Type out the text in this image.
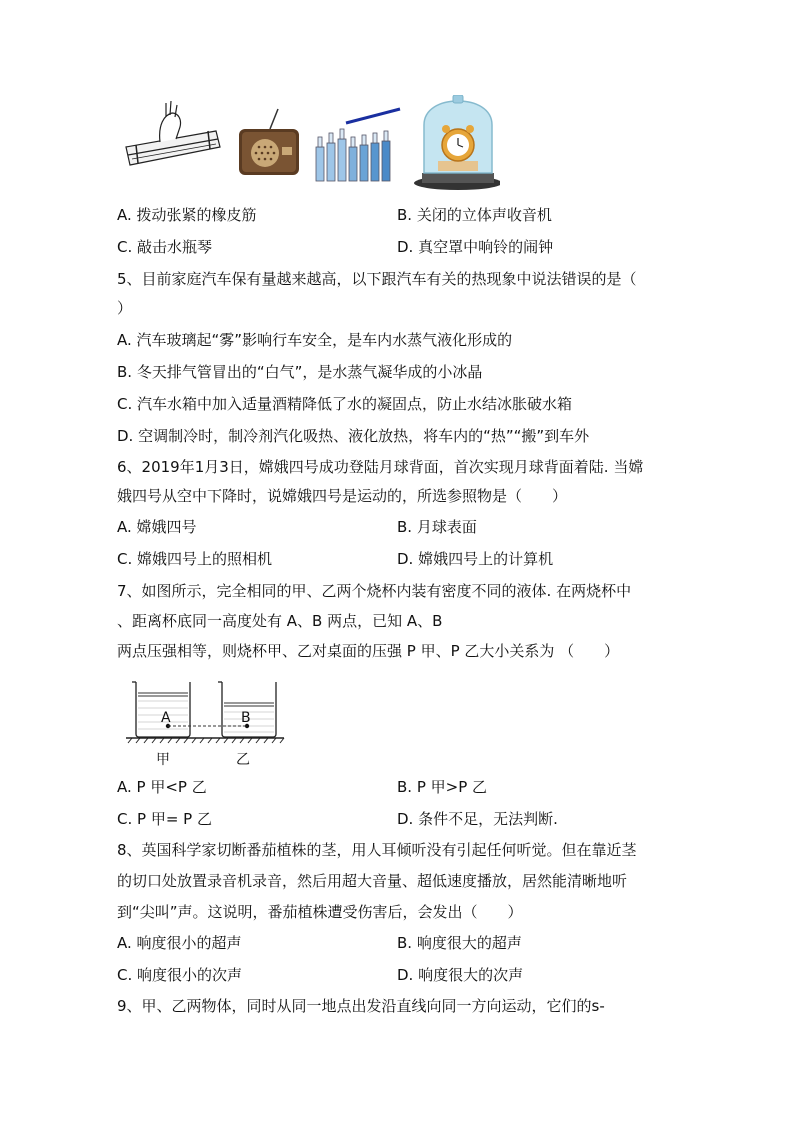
A. 拨动张紧的橡皮筋	B. 关闭的立体声收音机
C. 敲击水瓶琴	D. 真空罩中响铃的闹钟
5、目前家庭汽车保有量越来越高，以下跟汽车有关的热现象中说法错误的是（
）
A. 汽车玻璃起“雾”影响行车安全，是车内水蒸气液化形成的
B. 冬天排气管冒出的“白气”，是水蒸气凝华成的小冰晶
C. 汽车水箱中加入适量酒精降低了水的凝固点，防止水结冰胀破水箱
D. 空调制冷时，制冷剂汽化吸热、液化放热，将车内的“热”“搬”到车外
6、2019年1月3日，嫦娥四号成功登陆月球背面，首次实现月球背面着陆. 当嫦
娥四号从空中下降时，说嫦娥四号是运动的，所选参照物是（　　）
A. 嫦娥四号	B. 月球表面
C. 嫦娥四号上的照相机	D. 嫦娥四号上的计算机
7、如图所示，完全相同的甲、乙两个烧杯内装有密度不同的液体. 在两烧杯中
、距离杯底同一高度处有 A、B 两点，已知 A、B
两点压强相等，则烧杯甲、乙对桌面的压强 P 甲、P 乙大小关系为 （　　）
A	B
甲	乙
A. P 甲<P 乙	B. P 甲>P 乙
C. P 甲= P 乙	D. 条件不足，无法判断.
8、英国科学家切断番茄植株的茎，用人耳倾听没有引起任何听觉。但在靠近茎
的切口处放置录音机录音，然后用超大音量、超低速度播放，居然能清晰地听
到“尖叫”声。这说明，番茄植株遭受伤害后，会发出（　　）
A. 响度很小的超声	B. 响度很大的超声
C. 响度很小的次声	D. 响度很大的次声
9、甲、乙两物体，同时从同一地点出发沿直线向同一方向运动，它们的s-
